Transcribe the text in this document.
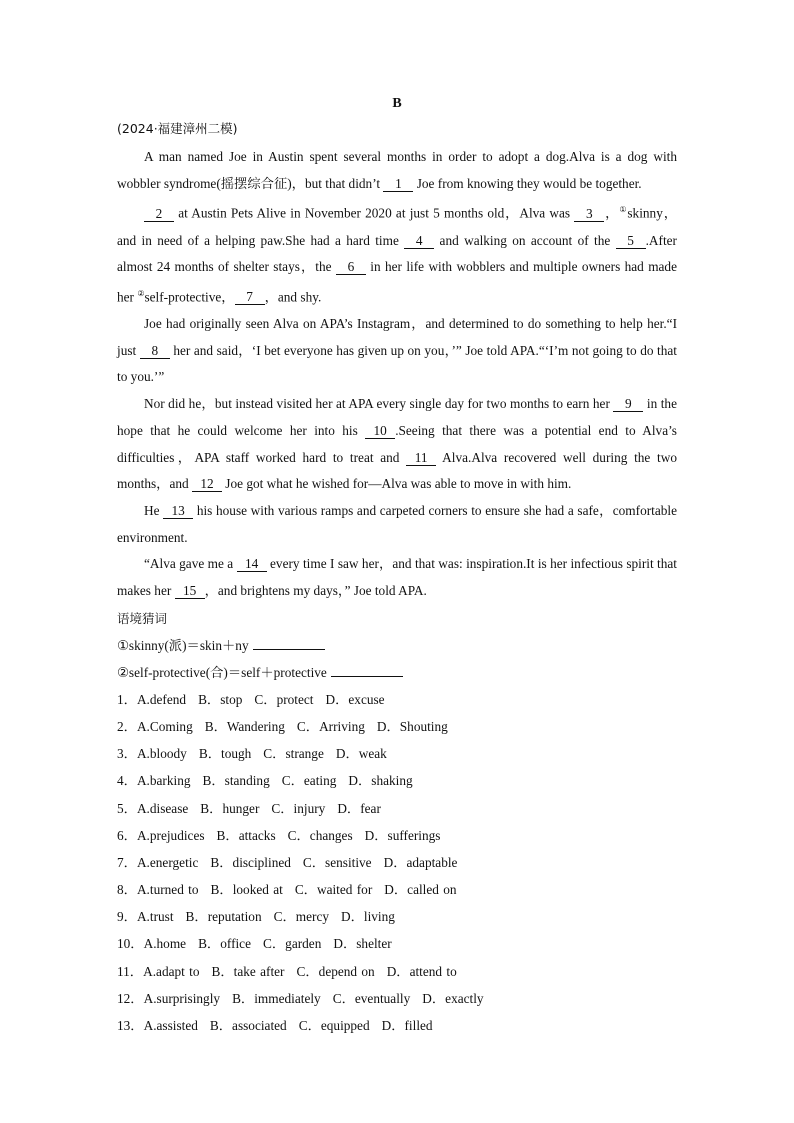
B
(2024·福建漳州二模)

A man named Joe in Austin spent several months in order to adopt a dog.Alva is a dog with wobbler syndrome(摇摆综合征)，but that didn’t 1 Joe from knowing they would be together.

2 at Austin Pets Alive in November 2020 at just 5 months old，Alva was 3 ，①skinny，and in need of a helping paw.She had a hard time 4 and walking on account of the 5 .After almost 24 months of shelter stays，the 6 in her life with wobblers and multiple owners had made her ②self-protective， 7 ，and shy.

Joe had originally seen Alva on APA’s Instagram，and determined to do something to help her.“I just 8 her and said，‘I bet everyone has given up on you，’” Joe told APA.“‘I’m not going to do that to you.’”

Nor did he，but instead visited her at APA every single day for two months to earn her 9 in the hope that he could welcome her into his 10 .Seeing that there was a potential end to Alva’s difficulties，APA staff worked hard to treat and 11 Alva.Alva recovered well during the two months，and 12 Joe got what he wished for—Alva was able to move in with him.

He 13 his house with various ramps and carpeted corners to ensure she had a safe，comfortable environment.

“Alva gave me a 14 every time I saw her，and that was: inspiration.It is her infectious spirit that makes her 15 ，and brightens my days，” Joe told APA.

语境猜词
①skinny(派)＝skin＋ny
②self-protective(合)＝self＋protective
1．A.defend B．stop C．protect D．excuse
2．A.Coming B．Wandering C．Arriving D．Shouting
3．A.bloody B．tough C．strange D．weak
4．A.barking B．standing C．eating D．shaking
5．A.disease B．hunger C．injury D．fear
6．A.prejudices B．attacks C．changes D．sufferings
7．A.energetic B．disciplined C．sensitive D．adaptable
8．A.turned to B．looked at C．waited for D．called on
9．A.trust B．reputation C．mercy D．living
10．A.home B．office C．garden D．shelter
11．A.adapt to B．take after C．depend on D．attend to
12．A.surprisingly B．immediately C．eventually D．exactly
13．A.assisted B．associated C．equipped D．filled
